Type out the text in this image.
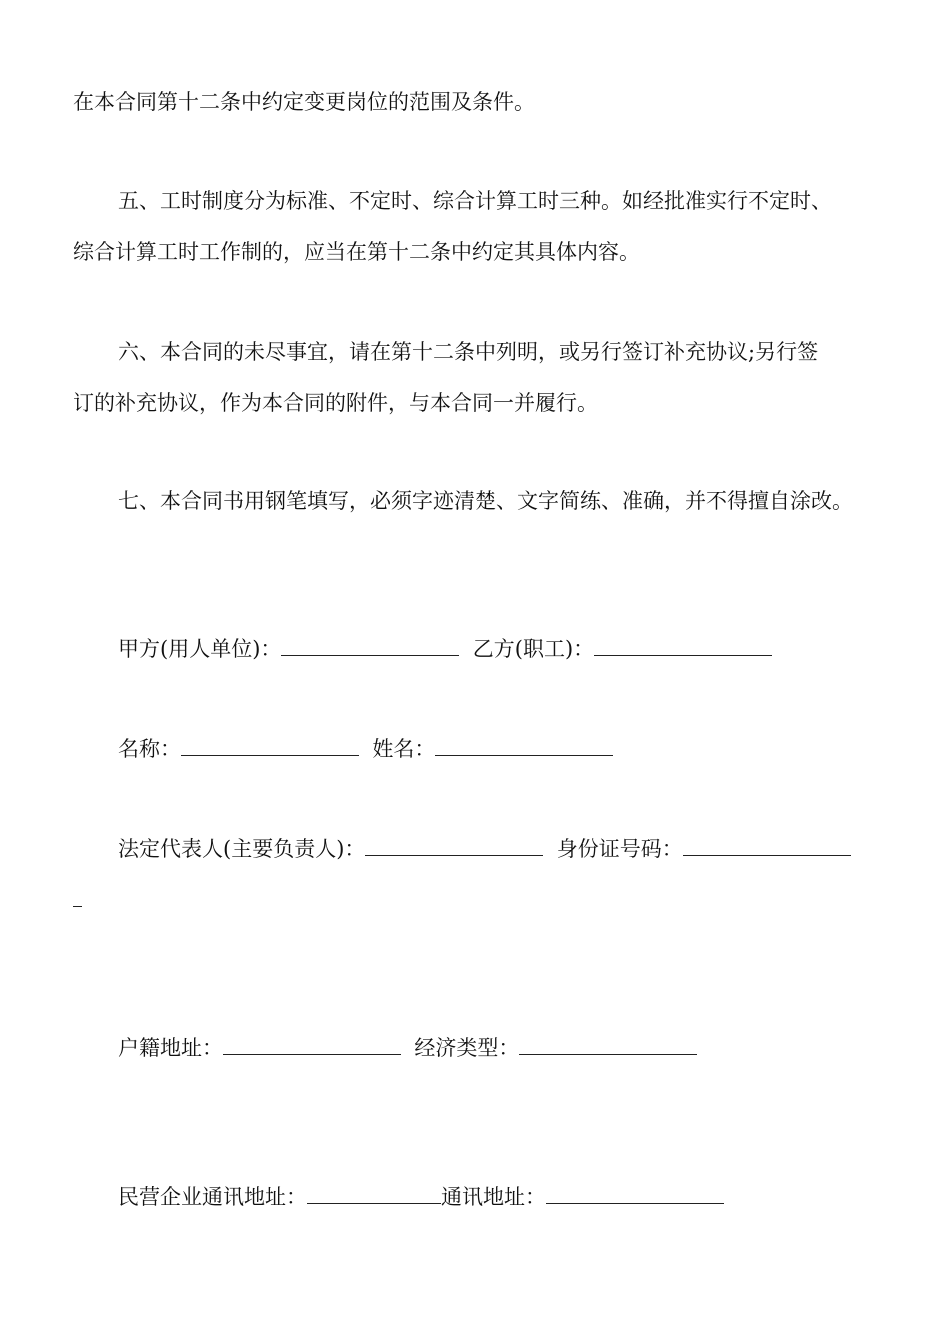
在本合同第十二条中约定变更岗位的范围及条件。

五、工时制度分为标准、不定时、综合计算工时三种。如经批准实行不定时、

综合计算工时工作制的，应当在第十二条中约定其具体内容。

六、本合同的未尽事宜，请在第十二条中列明，或另行签订补充协议;另行签

订的补充协议，作为本合同的附件，与本合同一并履行。

七、本合同书用钢笔填写，必须字迹清楚、文字简练、准确，并不得擅自涂改。

甲方(用人单位)：	乙方(职工)：

名称：	姓名：

法定代表人(主要负责人)：	身份证号码：

户籍地址：	经济类型：

民营企业通讯地址：	通讯地址：
